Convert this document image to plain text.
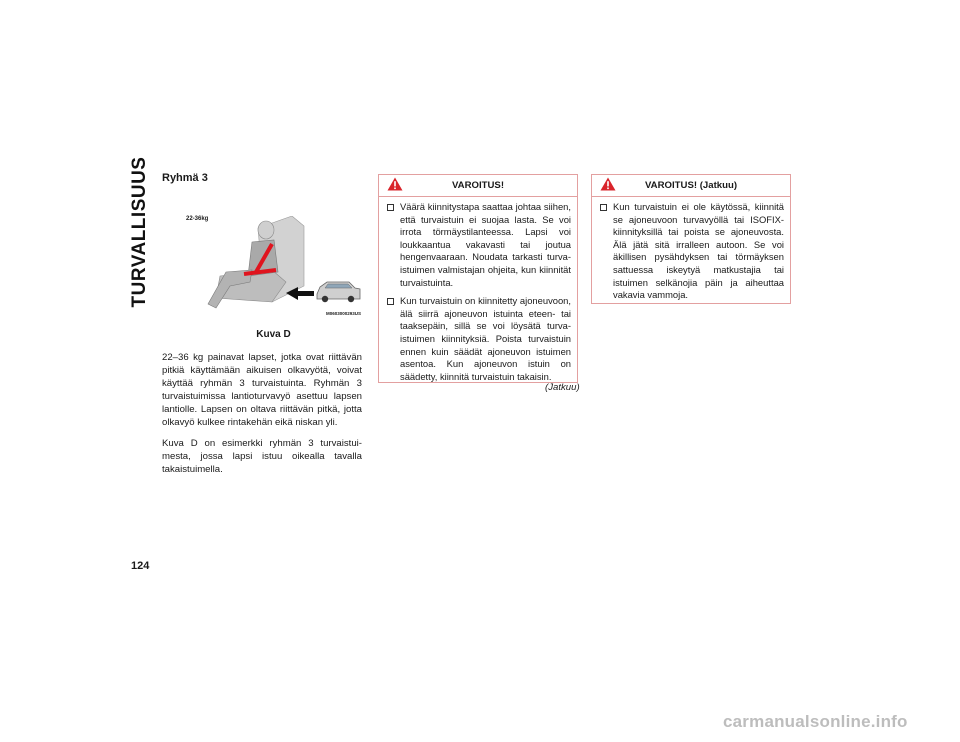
TURVALLISUUS Ryhmä 3

22-36kg
M0603000293US
Kuva D

22–36 kg painavat lapset, jotka ovat riittävän pitkiä käyttämään aikuisen olkavyötä, voivat käyttää ryhmän 3 turvaistuinta. Ryhmän 3 turvaistuimissa lantioturvavyö asettuu lapsen lantiolle. Lapsen on oltava riittävän pitkä, jotta olkavyö kulkee rintakehän eikä niskan yli.

Kuva D on esimerkki ryhmän 3 turvaistuimesta, jossa lapsi istuu oikealla tavalla takaistuimella.

VAROITUS!
Väärä kiinnitystapa saattaa johtaa siihen, että turvaistuin ei suojaa lasta. Se voi irrota törmäystilanteessa. Lapsi voi loukkaantua vakavasti tai joutua hengenvaaraan. Noudata tarkasti turvaistuimen valmistajan ohjeita, kun kiinnität turvaistuinta.
Kun turvaistuin on kiinnitetty ajoneuvoon, älä siirrä ajoneuvon istuinta eteen- tai taaksepäin, sillä se voi löysätä turvaistuimen kiinnityksiä. Poista turvaistuin ennen kuin säädät ajoneuvon istuimen asentoa. Kun ajoneuvon istuin on säädetty, kiinnitä turvaistuin takaisin.
(Jatkuu)
VAROITUS! (Jatkuu)
Kun turvaistuin ei ole käytössä, kiinnitä se ajoneuvoon turvavyöllä tai ISOFIX-kiinnityksillä tai poista se ajoneuvosta. Älä jätä sitä irralleen autoon. Se voi äkillisen pysähdyksen tai törmäyksen sattuessa iskeytyä matkustajia tai istuimen selkänojia päin ja aiheuttaa vakavia vammoja.
124
carmanualsonline.info
